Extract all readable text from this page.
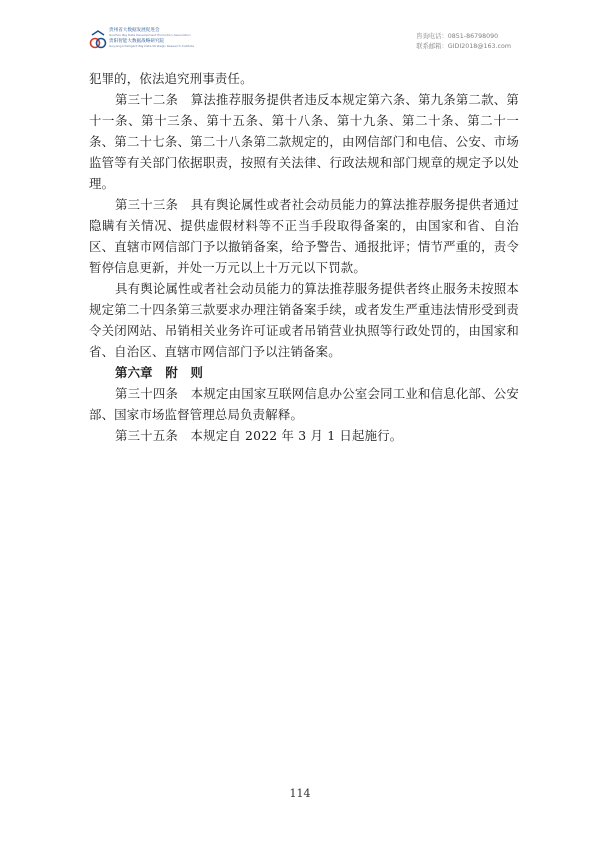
贵州省大数据发展促进会
Guizhou Big Data Development Promotion Association
贵阳智能大数据战略研究院
Guiyang Intelligent Big Data Strategic Research Institute
咨询电话：0851-86798090
联系邮箱：GIDI2018@163.com

犯罪的，依法追究刑事责任。

第三十二条　算法推荐服务提供者违反本规定第六条、第九条第二款、第十一条、第十三条、第十五条、第十八条、第十九条、第二十条、第二十一条、第二十七条、第二十八条第二款规定的，由网信部门和电信、公安、市场监管等有关部门依据职责，按照有关法律、行政法规和部门规章的规定予以处理。

第三十三条　具有舆论属性或者社会动员能力的算法推荐服务提供者通过隐瞒有关情况、提供虚假材料等不正当手段取得备案的，由国家和省、自治区、直辖市网信部门予以撤销备案，给予警告、通报批评；情节严重的，责令暂停信息更新，并处一万元以上十万元以下罚款。

具有舆论属性或者社会动员能力的算法推荐服务提供者终止服务未按照本规定第二十四条第三款要求办理注销备案手续，或者发生严重违法情形受到责令关闭网站、吊销相关业务许可证或者吊销营业执照等行政处罚的，由国家和省、自治区、直辖市网信部门予以注销备案。

第六章　附　则

第三十四条　本规定由国家互联网信息办公室会同工业和信息化部、公安部、国家市场监督管理总局负责解释。

第三十五条　本规定自 2022 年 3 月 1 日起施行。

114
